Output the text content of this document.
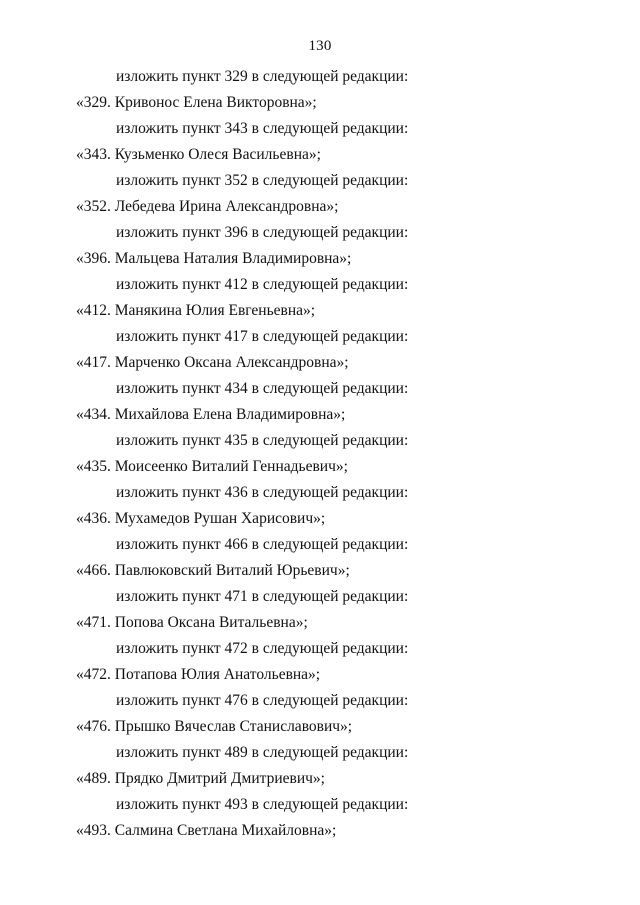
130
изложить пункт 329 в следующей редакции:
«329. Кривонос Елена Викторовна»;
изложить пункт 343 в следующей редакции:
«343. Кузьменко Олеся Васильевна»;
изложить пункт 352 в следующей редакции:
«352. Лебедева Ирина Александровна»;
изложить пункт 396 в следующей редакции:
«396. Мальцева Наталия Владимировна»;
изложить пункт 412 в следующей редакции:
«412. Манякина Юлия Евгеньевна»;
изложить пункт 417 в следующей редакции:
«417. Марченко Оксана Александровна»;
изложить пункт 434 в следующей редакции:
«434. Михайлова Елена Владимировна»;
изложить пункт 435 в следующей редакции:
«435. Моисеенко Виталий Геннадьевич»;
изложить пункт 436 в следующей редакции:
«436. Мухамедов Рушан Харисович»;
изложить пункт 466 в следующей редакции:
«466. Павлюковский Виталий Юрьевич»;
изложить пункт 471 в следующей редакции:
«471. Попова Оксана Витальевна»;
изложить пункт 472 в следующей редакции:
«472. Потапова Юлия Анатольевна»;
изложить пункт 476 в следующей редакции:
«476. Прышко Вячеслав Станиславович»;
изложить пункт 489 в следующей редакции:
«489. Прядко Дмитрий Дмитриевич»;
изложить пункт 493 в следующей редакции:
«493. Салмина Светлана Михайловна»;
